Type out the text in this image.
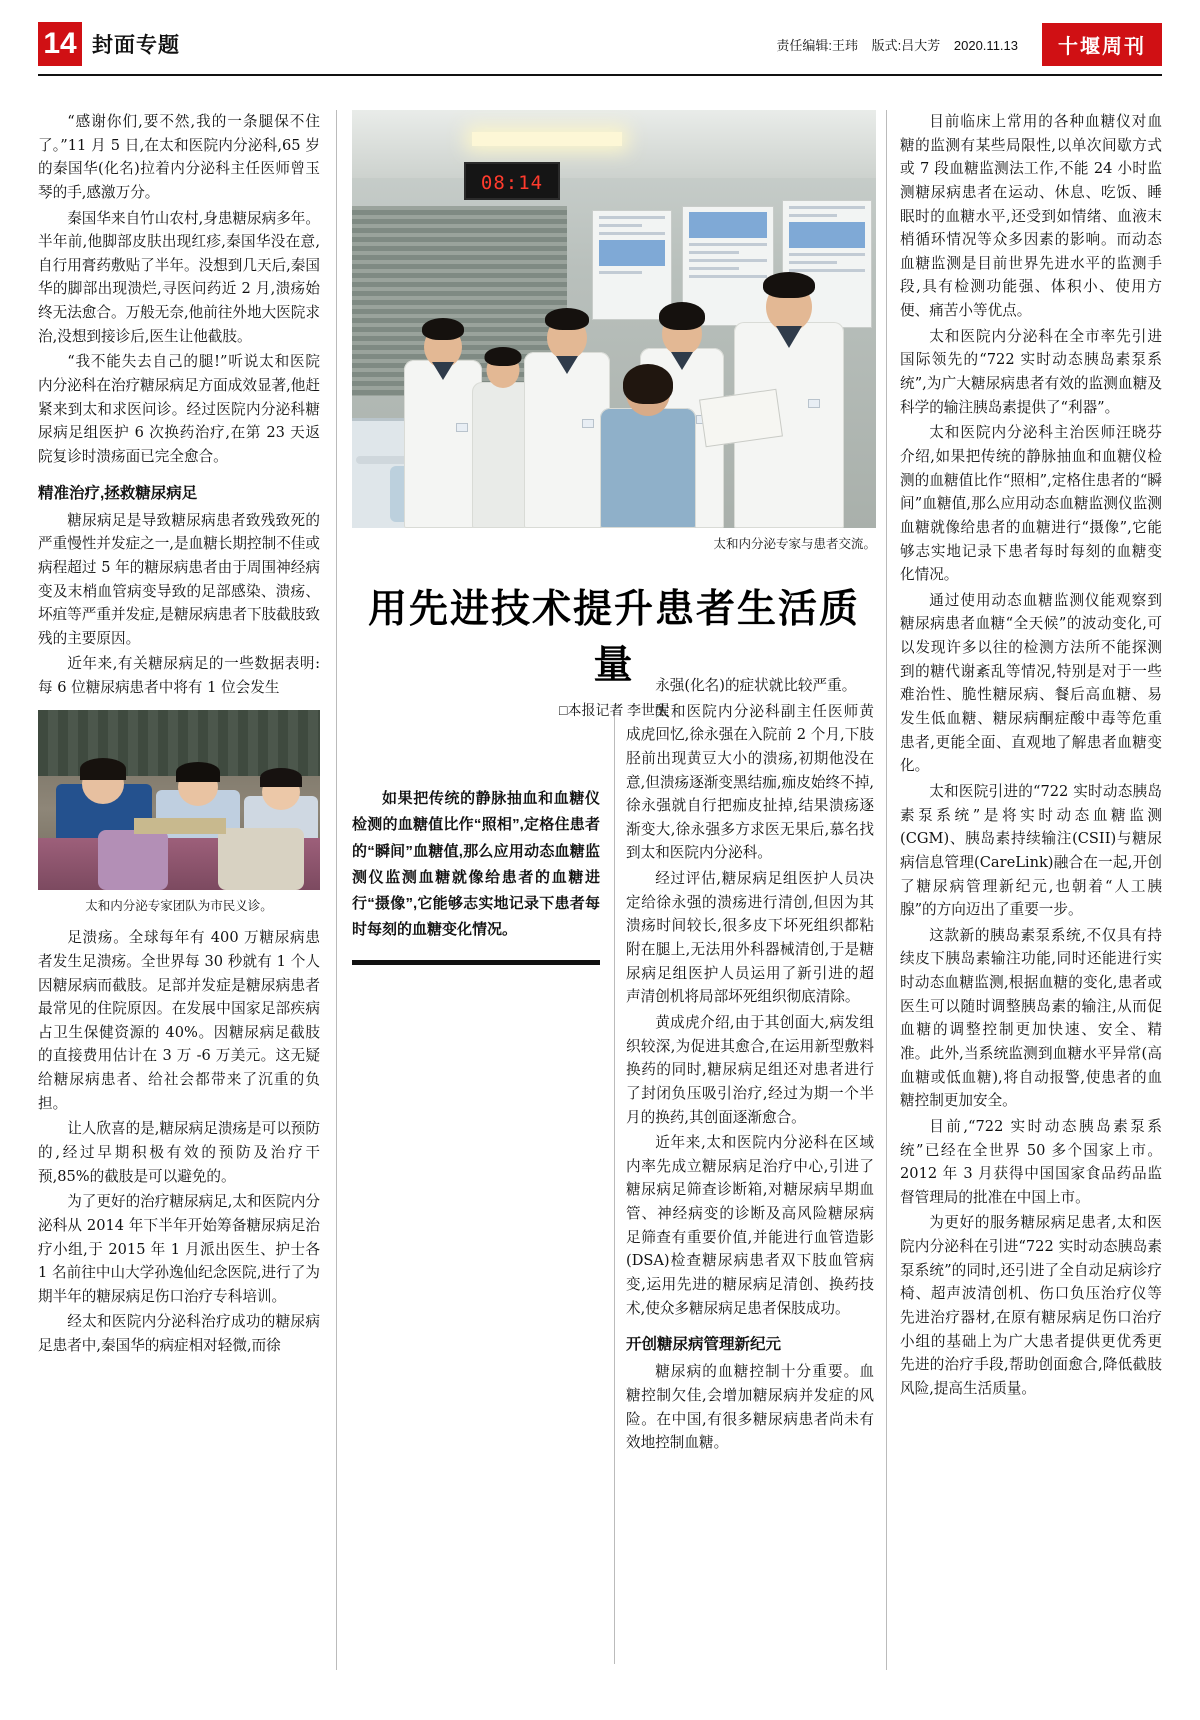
14 封面专题	责任编辑:王玮 版式:吕大芳 2020.11.13	十堰周刊

“感谢你们,要不然,我的一条腿保不住了。”11 月 5 日,在太和医院内分泌科,65 岁的秦国华(化名)拉着内分泌科主任医师曾玉琴的手,感激万分。

秦国华来自竹山农村,身患糖尿病多年。半年前,他脚部皮肤出现红疹,秦国华没在意,自行用膏药敷贴了半年。没想到几天后,秦国华的脚部出现溃烂,寻医问药近 2 月,溃疡始终无法愈合。万般无奈,他前往外地大医院求治,没想到接诊后,医生让他截肢。

“我不能失去自己的腿!”听说太和医院内分泌科在治疗糖尿病足方面成效显著,他赶紧来到太和求医问诊。经过医院内分泌科糖尿病足组医护 6 次换药治疗,在第 23 天返院复诊时溃疡面已完全愈合。

精准治疗,拯救糖尿病足

糖尿病足是导致糖尿病患者致残致死的严重慢性并发症之一,是血糖长期控制不佳或病程超过 5 年的糖尿病患者由于周围神经病变及末梢血管病变导致的足部感染、溃疡、坏疽等严重并发症,是糖尿病患者下肢截肢致残的主要原因。

近年来,有关糖尿病足的一些数据表明:每 6 位糖尿病患者中将有 1 位会发生

太和内分泌专家团队为市民义诊。

足溃疡。全球每年有 400 万糖尿病患者发生足溃疡。全世界每 30 秒就有 1 个人因糖尿病而截肢。足部并发症是糖尿病患者最常见的住院原因。在发展中国家足部疾病占卫生保健资源的 40%。因糖尿病足截肢的直接费用估计在 3 万 -6 万美元。这无疑给糖尿病患者、给社会都带来了沉重的负担。

让人欣喜的是,糖尿病足溃疡是可以预防的,经过早期积极有效的预防及治疗干预,85%的截肢是可以避免的。

为了更好的治疗糖尿病足,太和医院内分泌科从 2014 年下半年开始筹备糖尿病足治疗小组,于 2015 年 1 月派出医生、护士各 1 名前往中山大学孙逸仙纪念医院,进行了为期半年的糖尿病足伤口治疗专科培训。

经太和医院内分泌科治疗成功的糖尿病足患者中,秦国华的病症相对轻微,而徐

08:14

太和内分泌专家与患者交流。

用先进技术提升患者生活质量
□本报记者 李世醒
如果把传统的静脉抽血和血糖仪检测的血糖值比作“照相”,定格住患者的“瞬间”血糖值,那么应用动态血糖监测仪监测血糖就像给患者的血糖进行“摄像”,它能够志实地记录下患者每时每刻的血糖变化情况。

永强(化名)的症状就比较严重。

太和医院内分泌科副主任医师黄成虎回忆,徐永强在入院前 2 个月,下肢胫前出现黄豆大小的溃疡,初期他没在意,但溃疡逐渐变黑结痂,痂皮始终不掉,徐永强就自行把痂皮扯掉,结果溃疡逐渐变大,徐永强多方求医无果后,慕名找到太和医院内分泌科。

经过评估,糖尿病足组医护人员决定给徐永强的溃疡进行清创,但因为其溃疡时间较长,很多皮下坏死组织都粘附在腿上,无法用外科器械清创,于是糖尿病足组医护人员运用了新引进的超声清创机将局部坏死组织彻底清除。

黄成虎介绍,由于其创面大,病发组织较深,为促进其愈合,在运用新型敷料换药的同时,糖尿病足组还对患者进行了封闭负压吸引治疗,经过为期一个半月的换药,其创面逐渐愈合。

近年来,太和医院内分泌科在区域内率先成立糖尿病足治疗中心,引进了糖尿病足筛查诊断箱,对糖尿病早期血管、神经病变的诊断及高风险糖尿病足筛查有重要价值,并能进行血管造影(DSA)检查糖尿病患者双下肢血管病变,运用先进的糖尿病足清创、换药技术,使众多糖尿病足患者保肢成功。

开创糖尿病管理新纪元

糖尿病的血糖控制十分重要。血糖控制欠佳,会增加糖尿病并发症的风险。在中国,有很多糖尿病患者尚未有效地控制血糖。

目前临床上常用的各种血糖仪对血糖的监测有某些局限性,以单次间歇方式或 7 段血糖监测法工作,不能 24 小时监测糖尿病患者在运动、休息、吃饭、睡眠时的血糖水平,还受到如情绪、血液末梢循环情况等众多因素的影响。而动态血糖监测是目前世界先进水平的监测手段,具有检测功能强、体积小、使用方便、痛苦小等优点。

太和医院内分泌科在全市率先引进国际领先的“722 实时动态胰岛素泵系统”,为广大糖尿病患者有效的监测血糖及科学的输注胰岛素提供了“利器”。

太和医院内分泌科主治医师汪晓芬介绍,如果把传统的静脉抽血和血糖仪检测的血糖值比作“照相”,定格住患者的“瞬间”血糖值,那么应用动态血糖监测仪监测血糖就像给患者的血糖进行“摄像”,它能够志实地记录下患者每时每刻的血糖变化情况。

通过使用动态血糖监测仪能观察到糖尿病患者血糖“全天候”的波动变化,可以发现许多以往的检测方法所不能探测到的糖代谢紊乱等情况,特别是对于一些难治性、脆性糖尿病、餐后高血糖、易发生低血糖、糖尿病酮症酸中毒等危重患者,更能全面、直观地了解患者血糖变化。

太和医院引进的“722 实时动态胰岛素泵系统”是将实时动态血糖监测(CGM)、胰岛素持续输注(CSII)与糖尿病信息管理(CareLink)融合在一起,开创了糖尿病管理新纪元,也朝着“人工胰腺”的方向迈出了重要一步。

这款新的胰岛素泵系统,不仅具有持续皮下胰岛素输注功能,同时还能进行实时动态血糖监测,根据血糖的变化,患者或医生可以随时调整胰岛素的输注,从而促血糖的调整控制更加快速、安全、精准。此外,当系统监测到血糖水平异常(高血糖或低血糖),将自动报警,使患者的血糖控制更加安全。

目前,“722 实时动态胰岛素泵系统”已经在全世界 50 多个国家上市。2012 年 3 月获得中国国家食品药品监督管理局的批准在中国上市。

为更好的服务糖尿病足患者,太和医院内分泌科在引进“722 实时动态胰岛素泵系统”的同时,还引进了全自动足病诊疗椅、超声波清创机、伤口负压治疗仪等先进治疗器材,在原有糖尿病足伤口治疗小组的基础上为广大患者提供更优秀更先进的治疗手段,帮助创面愈合,降低截肢风险,提高生活质量。
